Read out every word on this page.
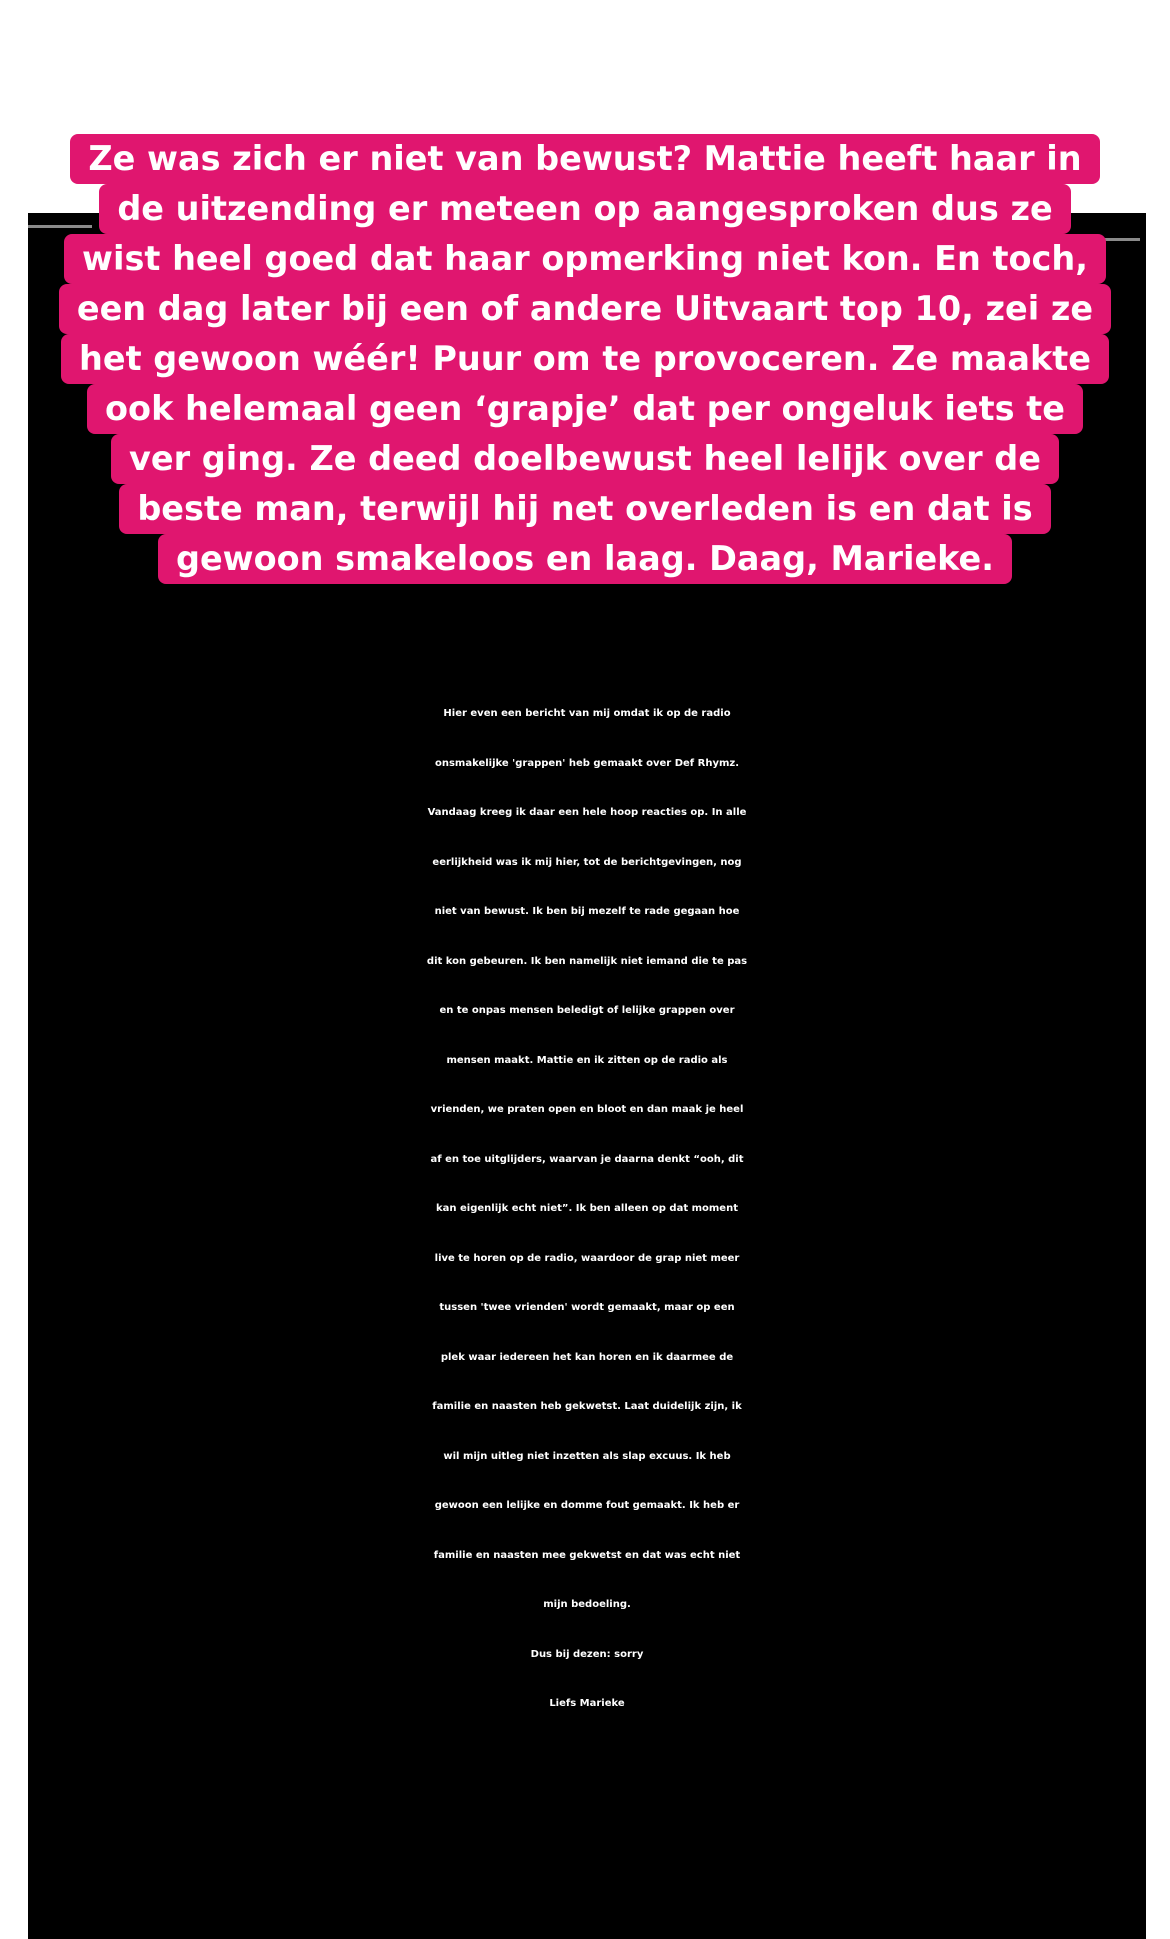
Ze was zich er niet van bewust? Mattie heeft haar in
de uitzending er meteen op aangesproken dus ze
wist heel goed dat haar opmerking niet kon. En toch,
een dag later bij een of andere Uitvaart top 10, zei ze
het gewoon wéér! Puur om te provoceren. Ze maakte
ook helemaal geen ‘grapje’ dat per ongeluk iets te
ver ging. Ze deed doelbewust heel lelijk over de
beste man, terwijl hij net overleden is en dat is
gewoon smakeloos en laag. Daag, Marieke.
Hier even een bericht van mij omdat ik op de radio
onsmakelijke 'grappen' heb gemaakt over Def Rhymz.
Vandaag kreeg ik daar een hele hoop reacties op. In alle
eerlijkheid was ik mij hier, tot de berichtgevingen, nog
niet van bewust. Ik ben bij mezelf te rade gegaan hoe
dit kon gebeuren. Ik ben namelijk niet iemand die te pas
en te onpas mensen beledigt of lelijke grappen over
mensen maakt. Mattie en ik zitten op de radio als
vrienden, we praten open en bloot en dan maak je heel
af en toe uitglijders, waarvan je daarna denkt “ooh, dit
kan eigenlijk echt niet”. Ik ben alleen op dat moment
live te horen op de radio, waardoor de grap niet meer
tussen 'twee vrienden' wordt gemaakt, maar op een
plek waar iedereen het kan horen en ik daarmee de
familie en naasten heb gekwetst. Laat duidelijk zijn, ik
wil mijn uitleg niet inzetten als slap excuus. Ik heb
gewoon een lelijke en domme fout gemaakt. Ik heb er
familie en naasten mee gekwetst en dat was echt niet
mijn bedoeling.
Dus bij dezen: sorry
Liefs Marieke
